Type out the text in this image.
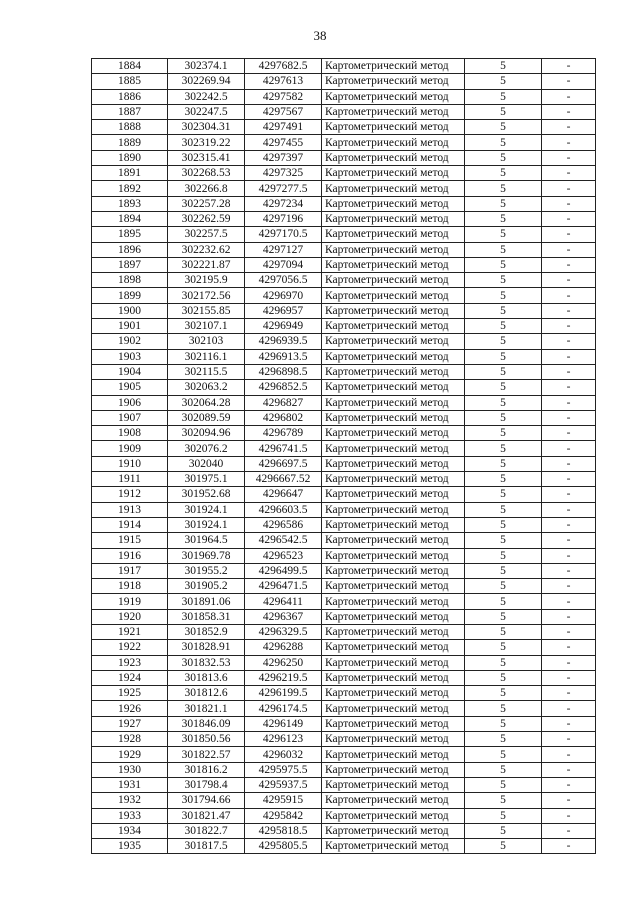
38
1884	302374.1	4297682.5	Картометрический метод	5	-
1885	302269.94	4297613	Картометрический метод	5	-
1886	302242.5	4297582	Картометрический метод	5	-
1887	302247.5	4297567	Картометрический метод	5	-
1888	302304.31	4297491	Картометрический метод	5	-
1889	302319.22	4297455	Картометрический метод	5	-
1890	302315.41	4297397	Картометрический метод	5	-
1891	302268.53	4297325	Картометрический метод	5	-
1892	302266.8	4297277.5	Картометрический метод	5	-
1893	302257.28	4297234	Картометрический метод	5	-
1894	302262.59	4297196	Картометрический метод	5	-
1895	302257.5	4297170.5	Картометрический метод	5	-
1896	302232.62	4297127	Картометрический метод	5	-
1897	302221.87	4297094	Картометрический метод	5	-
1898	302195.9	4297056.5	Картометрический метод	5	-
1899	302172.56	4296970	Картометрический метод	5	-
1900	302155.85	4296957	Картометрический метод	5	-
1901	302107.1	4296949	Картометрический метод	5	-
1902	302103	4296939.5	Картометрический метод	5	-
1903	302116.1	4296913.5	Картометрический метод	5	-
1904	302115.5	4296898.5	Картометрический метод	5	-
1905	302063.2	4296852.5	Картометрический метод	5	-
1906	302064.28	4296827	Картометрический метод	5	-
1907	302089.59	4296802	Картометрический метод	5	-
1908	302094.96	4296789	Картометрический метод	5	-
1909	302076.2	4296741.5	Картометрический метод	5	-
1910	302040	4296697.5	Картометрический метод	5	-
1911	301975.1	4296667.52	Картометрический метод	5	-
1912	301952.68	4296647	Картометрический метод	5	-
1913	301924.1	4296603.5	Картометрический метод	5	-
1914	301924.1	4296586	Картометрический метод	5	-
1915	301964.5	4296542.5	Картометрический метод	5	-
1916	301969.78	4296523	Картометрический метод	5	-
1917	301955.2	4296499.5	Картометрический метод	5	-
1918	301905.2	4296471.5	Картометрический метод	5	-
1919	301891.06	4296411	Картометрический метод	5	-
1920	301858.31	4296367	Картометрический метод	5	-
1921	301852.9	4296329.5	Картометрический метод	5	-
1922	301828.91	4296288	Картометрический метод	5	-
1923	301832.53	4296250	Картометрический метод	5	-
1924	301813.6	4296219.5	Картометрический метод	5	-
1925	301812.6	4296199.5	Картометрический метод	5	-
1926	301821.1	4296174.5	Картометрический метод	5	-
1927	301846.09	4296149	Картометрический метод	5	-
1928	301850.56	4296123	Картометрический метод	5	-
1929	301822.57	4296032	Картометрический метод	5	-
1930	301816.2	4295975.5	Картометрический метод	5	-
1931	301798.4	4295937.5	Картометрический метод	5	-
1932	301794.66	4295915	Картометрический метод	5	-
1933	301821.47	4295842	Картометрический метод	5	-
1934	301822.7	4295818.5	Картометрический метод	5	-
1935	301817.5	4295805.5	Картометрический метод	5	-
